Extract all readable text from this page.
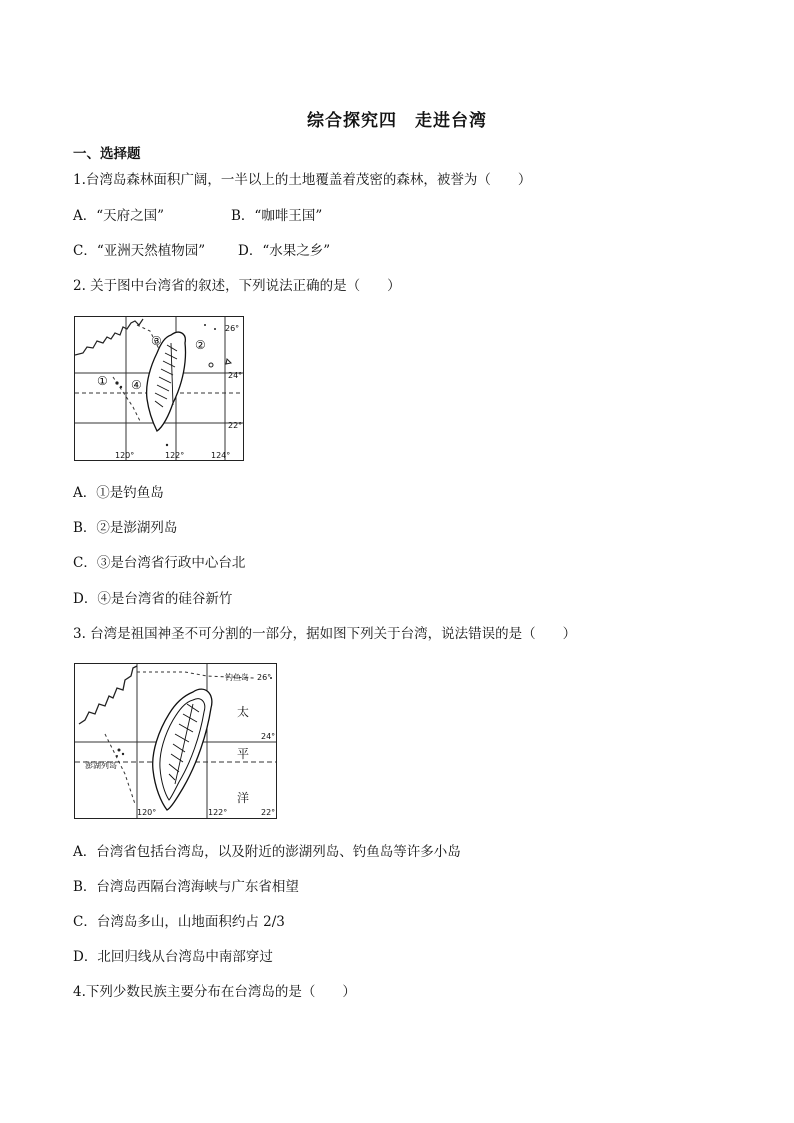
综合探究四 走进台湾
一、选择题
1.台湾岛森林面积广阔，一半以上的土地覆盖着茂密的森林，被誉为（　　）
A．“天府之国”	B．“咖啡王国”
C．“亚洲天然植物园” D．“水果之乡”
2. 关于图中台湾省的叙述，下列说法正确的是（　　）
①
②
③
④
26°
24°
22°
120°	122°	124°
A．①是钓鱼岛
B．②是澎湖列岛
C．③是台湾省行政中心台北
D．④是台湾省的硅谷新竹
3. 台湾是祖国神圣不可分割的一部分，据如图下列关于台湾，说法错误的是（　　）
钓鱼岛 26°
澎湖列岛
太
平
洋
24°
22°
120°	122°
A．台湾省包括台湾岛，以及附近的澎湖列岛、钓鱼岛等许多小岛
B．台湾岛西隔台湾海峡与广东省相望
C．台湾岛多山，山地面积约占 2/3
D．北回归线从台湾岛中南部穿过
4.下列少数民族主要分布在台湾岛的是（　　）
